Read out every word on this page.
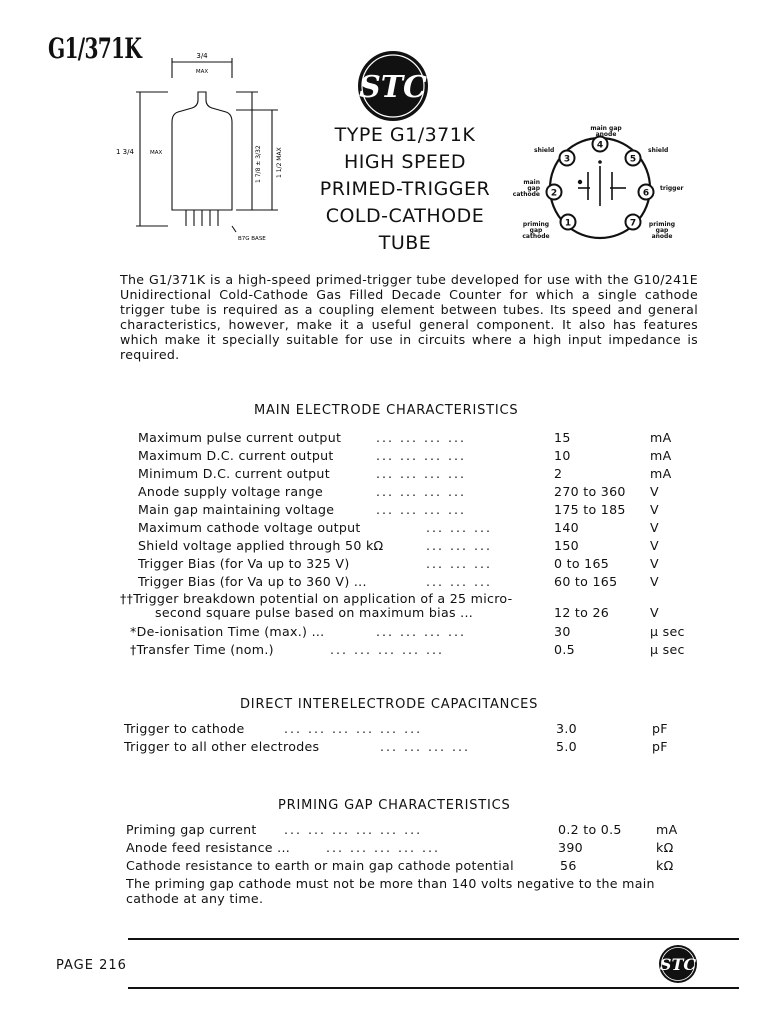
G1/371K	3/4
MAX
1 3/4	MAX	1 7/8 ± 3/32 1 1/2 MAX
B7G BASE
STC
TYPE G1/371K
HIGH SPEED
PRIMED-TRIGGER
COLD-CATHODE
TUBE
4
5
6
7
1
2
3
main gap anode
shield	shield
main gap cathode
trigger
priming gap cathode
priming gap anode
The G1/371K is a high-speed primed-trigger tube developed for use with the G10/241E Unidirectional Cold-Cathode Gas Filled Decade Counter for which a single cathode trigger tube is required as a coupling element between tubes. Its speed and general characteristics, however, make it a useful general component. It also has features which make it specially suitable for use in circuits where a high input impedance is required.
MAIN ELECTRODE CHARACTERISTICS
Maximum pulse current output	... ... ... ...	15	mA
Maximum D.C. current output	... ... ... ...	10	mA
Minimum D.C. current output	... ... ... ...	2	mA
Anode supply voltage range	... ... ... ...	270 to 360 V
Main gap maintaining voltage	... ... ... ...	175 to 185 V
Maximum cathode voltage output	... ... ...	140	V
Shield voltage applied through 50 kΩ	... ... ...	150	V
Trigger Bias (for Va up to 325 V)	... ... ...	0 to 165	V
Trigger Bias (for Va up to 360 V) ...	... ... ...	60 to 165	V
††Trigger breakdown potential on application of a 25 micro-
second square pulse based on maximum bias ...	12 to 26	V
*De-ionisation Time (max.) ...	... ... ... ...	30	μ sec
†Transfer Time (nom.)	... ... ... ... ...	0.5	μ sec
DIRECT INTERELECTRODE CAPACITANCES
Trigger to cathode	... ... ... ... ... ...	3.0	pF
Trigger to all other electrodes	... ... ... ...	5.0	pF
PRIMING GAP CHARACTERISTICS
Priming gap current ... ... ... ... ... ...	0.2 to 0.5	mA
Anode feed resistance ...	... ... ... ... ...	390	kΩ
Cathode resistance to earth or main gap cathode potential	56	kΩ
The priming gap cathode must not be more than 140 volts negative to the main cathode at any time.
PAGE 216	STC
